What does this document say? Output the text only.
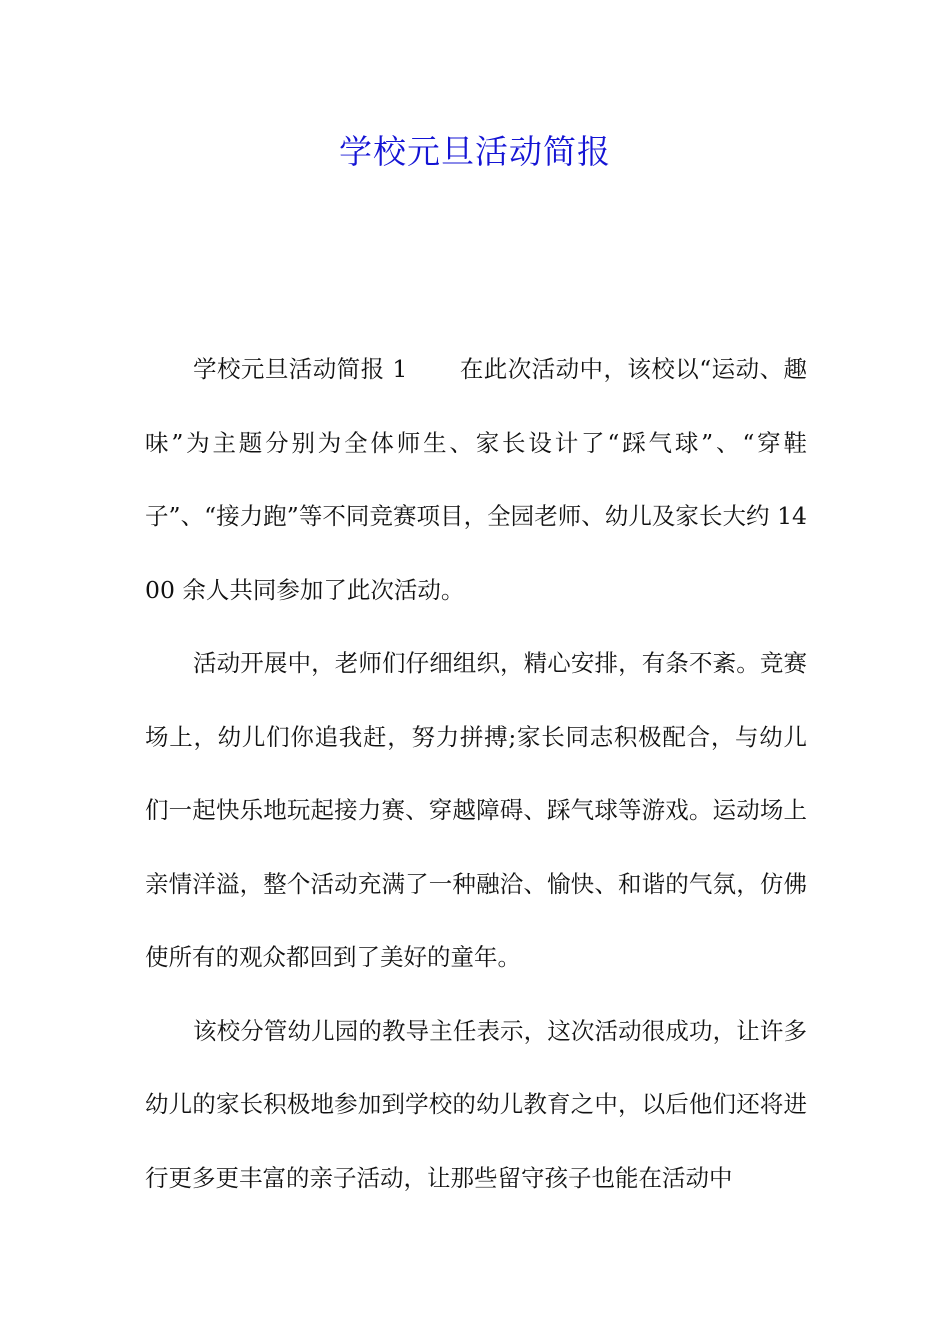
学校元旦活动简报

学校元旦活动简报 1 在此次活动中，该校以“运动、趣味”为主题分别为全体师生、家长设计了“踩气球”、“穿鞋子”、“接力跑”等不同竞赛项目，全园老师、幼儿及家长大约 1400 余人共同参加了此次活动。

活动开展中，老师们仔细组织，精心安排，有条不紊。竞赛场上，幼儿们你追我赶，努力拼搏;家长同志积极配合，与幼儿们一起快乐地玩起接力赛、穿越障碍、踩气球等游戏。运动场上亲情洋溢，整个活动充满了一种融洽、愉快、和谐的气氛，仿佛使所有的观众都回到了美好的童年。

该校分管幼儿园的教导主任表示，这次活动很成功，让许多幼儿的家长积极地参加到学校的幼儿教育之中，以后他们还将进行更多更丰富的亲子活动，让那些留守孩子也能在活动中
